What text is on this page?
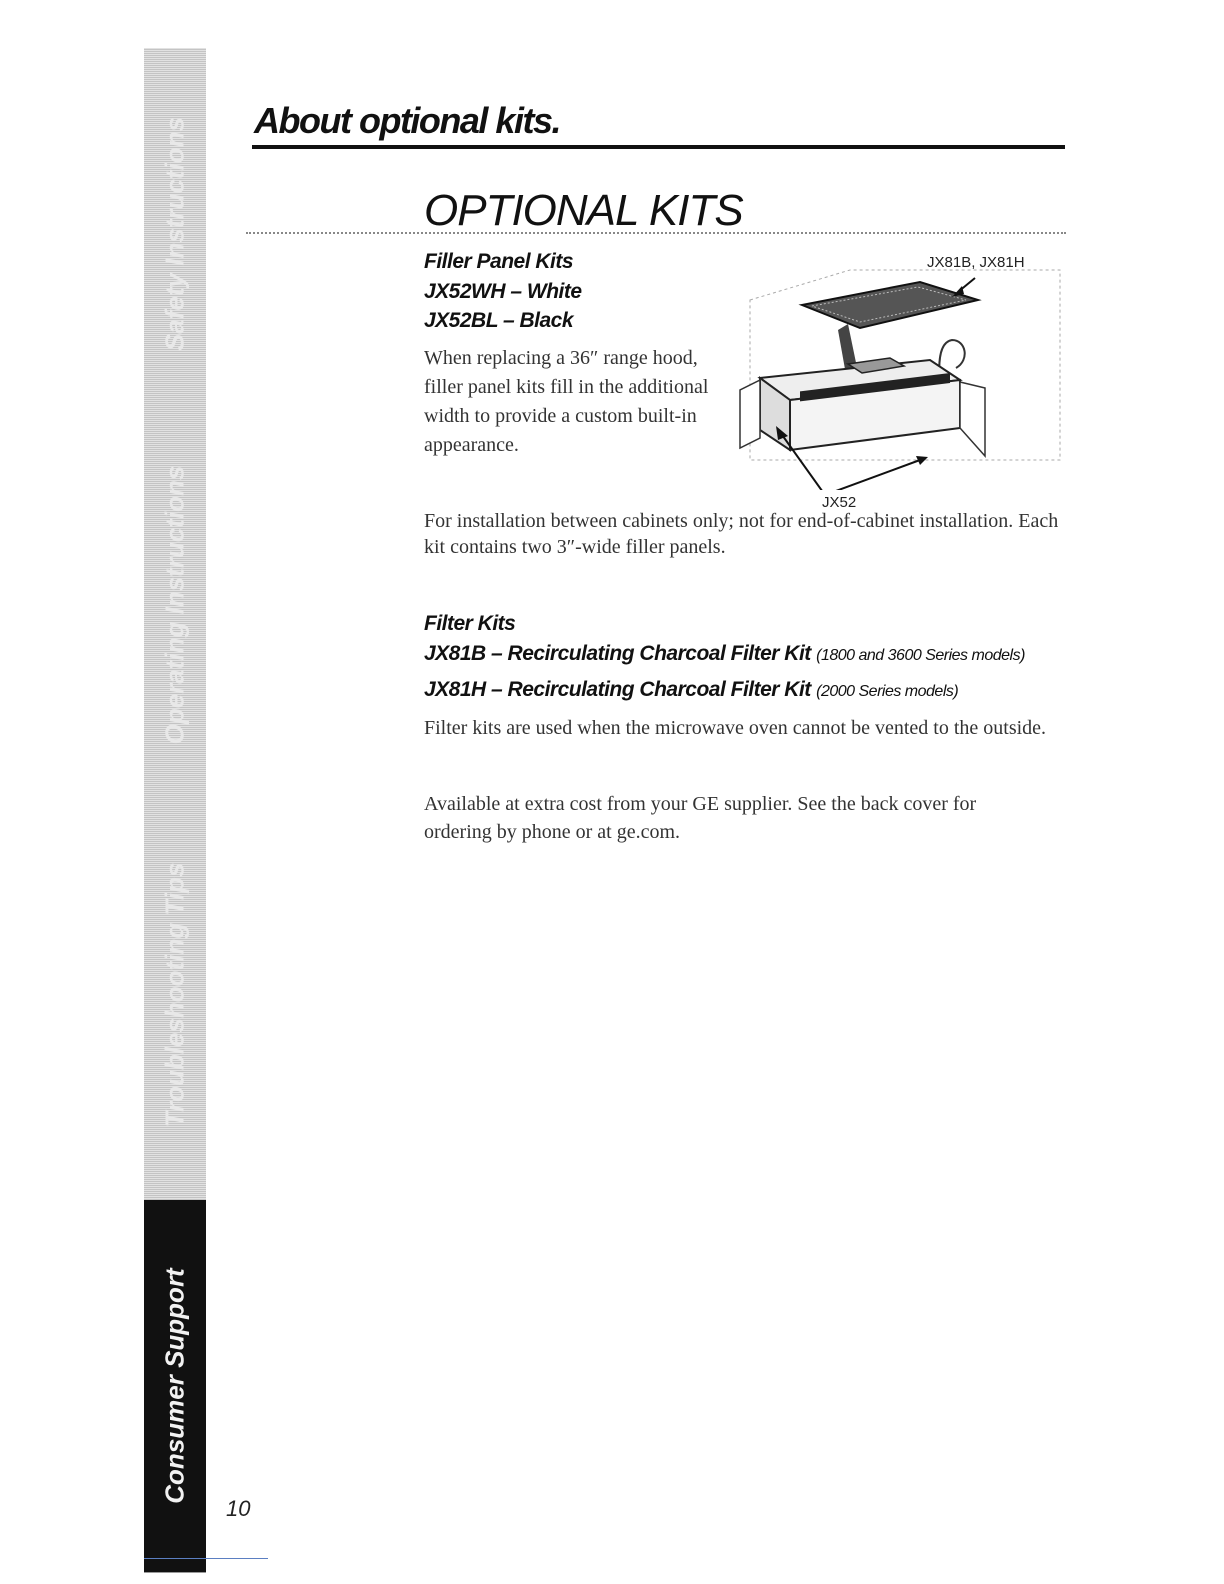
Safety Instructions
Operating Instructions
Troubleshooting Tips
Consumer Support
About optional kits.
OPTIONAL KITS
Filler Panel Kits
JX52WH – White
JX52BL – Black

When replacing a 36″ range hood, filler panel kits fill in the additional width to provide a custom built-in appearance.

For installation between cabinets only; not for end-of-cabinet installation. Each kit contains two 3″-wide filler panels.

JX81B, JX81H
JX52
Filter Kits
JX81B – Recirculating Charcoal Filter Kit (1800 and 3600 Series models)
JX81H – Recirculating Charcoal Filter Kit (2000 Series models)

Filter kits are used when the microwave oven cannot be vented to the outside.

Available at extra cost from your GE supplier. See the back cover for ordering by phone or at ge.com.

10
